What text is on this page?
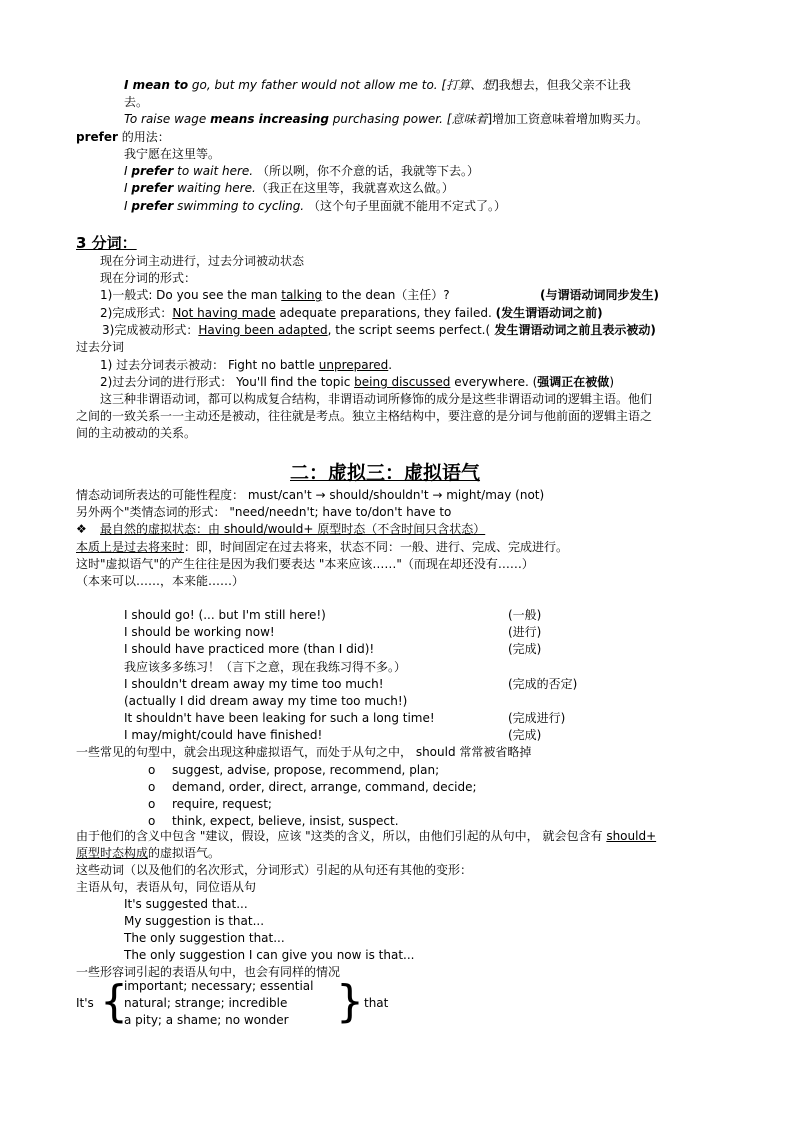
I mean to go, but my father would not allow me to. [打算、想]我想去，但我父亲不让我
去。
To raise wage means increasing purchasing power. [意味着]增加工资意味着增加购买力。
prefer 的用法：
我宁愿在这里等。
I prefer to wait here. （所以咧，你不介意的话，我就等下去。）
I prefer waiting here.（我正在这里等，我就喜欢这么做。）
I prefer swimming to cycling. （这个句子里面就不能用不定式了。）
3 分词：
现在分词主动进行，过去分词被动状态
现在分词的形式：
1)一般式: Do you see the man talking to the dean（主任）?	(与谓语动词同步发生)
2)完成形式：Not having made adequate preparations, they failed. (发生谓语动词之前)
3)完成被动形式：Having been adapted, the script seems perfect.( 发生谓语动词之前且表示被动)
过去分词
1) 过去分词表示被动： Fight no battle unprepared.
2)过去分词的进行形式： You'll find the topic being discussed everywhere. (强调正在被做)
这三种非谓语动词，都可以构成复合结构，非谓语动词所修饰的成分是这些非谓语动词的逻辑主语。他们
之间的一致关系一一主动还是被动，往往就是考点。独立主格结构中，要注意的是分词与他前面的逻辑主语之
间的主动被动的关系。
二：虚拟三：虚拟语气
情态动词所表达的可能性程度： must/can't → should/shouldn't → might/may (not)
另外两个"类情态词的形式： "need/needn't; have to/don't have to
❖ 最自然的虚拟状态：由 should/would+ 原型时态（不含时间只含状态）
本质上是过去将来时：即，时间固定在过去将来，状态不同：一般、进行、完成、完成进行。
这时"虚拟语气"的产生往往是因为我们要表达 "本来应该……"（而现在却还没有……）
（本来可以……，本来能……）
I should go! (... but I'm still here!)	(一般)
I should be working now!	(进行)
I should have practiced more (than I did)!	(完成)
我应该多多练习！（言下之意，现在我练习得不多。）
I shouldn't dream away my time too much!	(完成的否定)
(actually I did dream away my time too much!)
It shouldn't have been leaking for such a long time!	(完成进行)
I may/might/could have finished!	(完成)
一些常见的句型中，就会出现这种虚拟语气，而处于从句之中， should 常常被省略掉
o suggest, advise, propose, recommend, plan;
o demand, order, direct, arrange, command, decide;
o require, request;
o think, expect, believe, insist, suspect.
由于他们的含义中包含 "建议，假设，应该 "这类的含义，所以，由他们引起的从句中， 就会包含有 should+
原型时态构成的虚拟语气。
这些动词（以及他们的名次形式，分词形式）引起的从句还有其他的变形：
主语从句，表语从句，同位语从句
It's suggested that...
My suggestion is that...
The only suggestion that...
The only suggestion I can give you now is that...
一些形容词引起的表语从句中，也会有同样的情况
It's {
important; necessary; essential
natural; strange; incredible
a pity; a shame; no wonder } that
